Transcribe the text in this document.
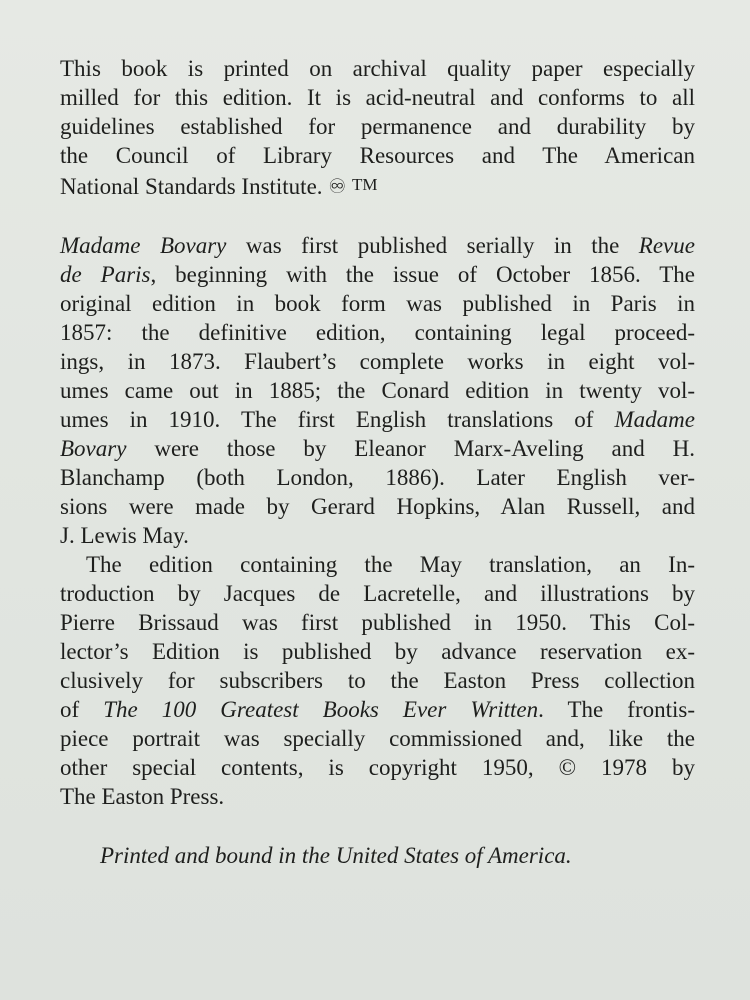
This book is printed on archival quality paper especially
milled for this edition. It is acid-neutral and conforms to all
guidelines established for permanence and durability by
the Council of Library Resources and The American
National Standards Institute. ♾ TM

Madame Bovary was first published serially in the Revue
de Paris, beginning with the issue of October 1856. The
original edition in book form was published in Paris in
1857: the definitive edition, containing legal proceed-
ings, in 1873. Flaubert’s complete works in eight vol-
umes came out in 1885; the Conard edition in twenty vol-
umes in 1910. The first English translations of Madame
Bovary were those by Eleanor Marx-Aveling and H.
Blanchamp (both London, 1886). Later English ver-
sions were made by Gerard Hopkins, Alan Russell, and
J. Lewis May.

The edition containing the May translation, an In-
troduction by Jacques de Lacretelle, and illustrations by
Pierre Brissaud was first published in 1950. This Col-
lector’s Edition is published by advance reservation ex-
clusively for subscribers to the Easton Press collection
of The 100 Greatest Books Ever Written. The frontis-
piece portrait was specially commissioned and, like the
other special contents, is copyright 1950, © 1978 by
The Easton Press.

Printed and bound in the United States of America.
